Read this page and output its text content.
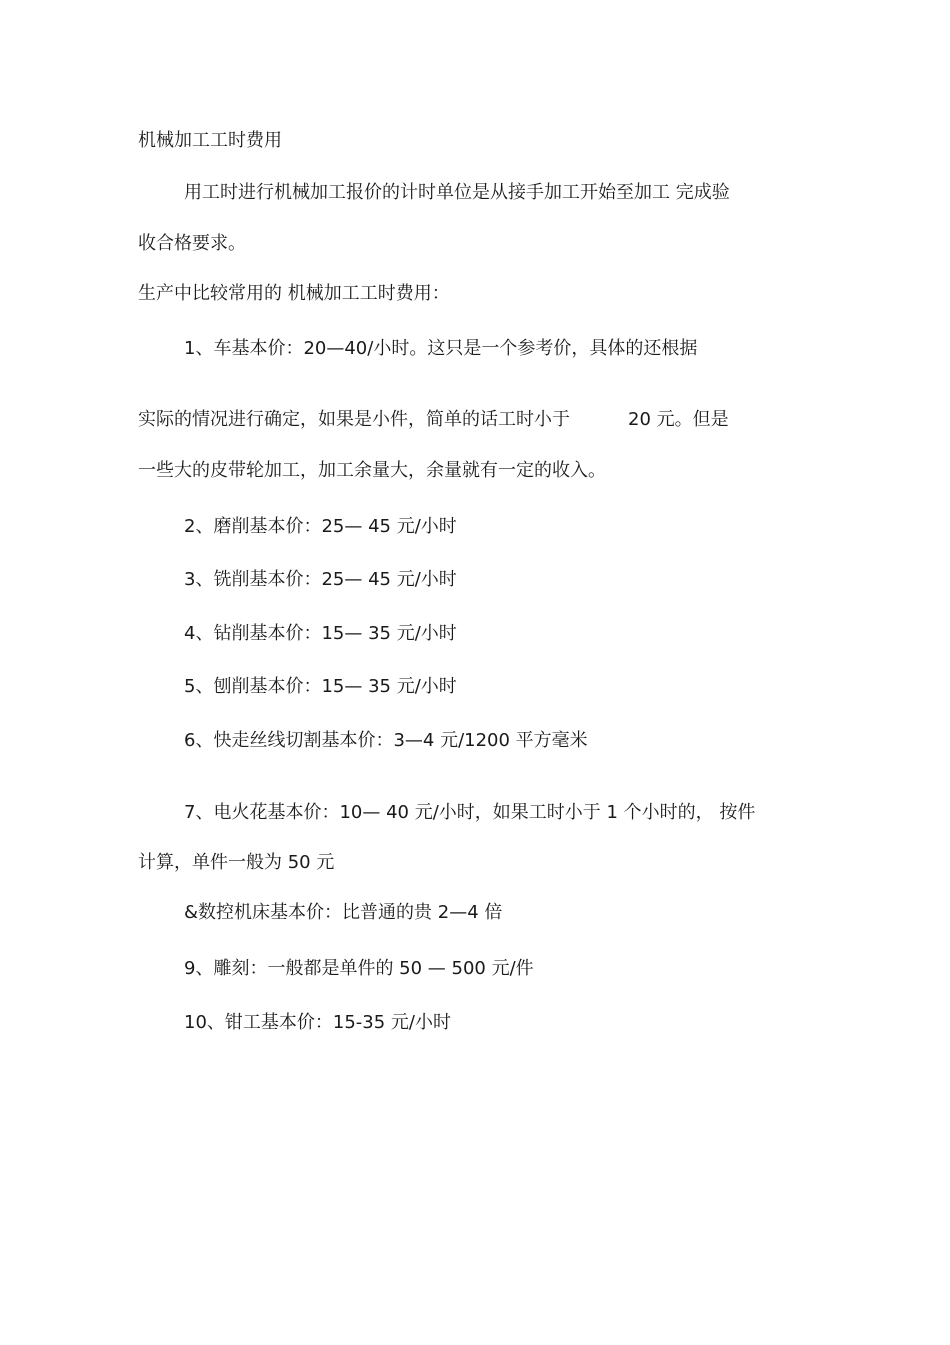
机械加工工时费用
用工时进行机械加工报价的计时单位是从接手加工开始至加工 完成验
收合格要求。
生产中比较常用的 机械加工工时费用：
1、车基本价：20—40/小时。这只是一个参考价，具体的还根据
实际的情况进行确定，如果是小件，简单的话工时小于	20 元。但是
一些大的皮带轮加工，加工余量大，余量就有一定的收入。
2、磨削基本价：25— 45 元/小时
3、铣削基本价：25— 45 元/小时
4、钻削基本价：15— 35 元/小时
5、刨削基本价：15— 35 元/小时
6、快走丝线切割基本价：3—4 元/1200 平方毫米
7、电火花基本价：10— 40 元/小时，如果工时小于 1 个小时的， 按件
计算，单件一般为 50 元
&数控机床基本价：比普通的贵 2—4 倍
9、雕刻：一般都是单件的 50 — 500 元/件
10、钳工基本价：15-35 元/小时
